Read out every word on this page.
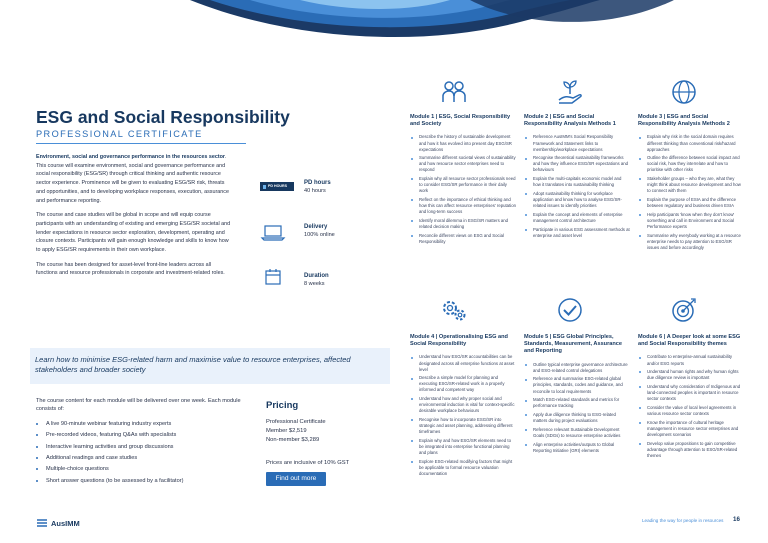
ESG and Social Responsibility
PROFESSIONAL CERTIFICATE

Environment, social and governance performance in the resources sector. This course will examine environment, social and governance performance and social responsibility (ESG/SR) through critical thinking and authentic resource sector experience. Prominence will be given to evaluating ESG/SR risk, threats and opportunities, and to developing workplace responses, execution, assurance and performance reporting.

The course and case studies will be global in scope and will equip course participants with an understanding of existing and emerging ESG/SR societal and lender expectations in resource sector exploration, development, operating and closure contexts. Participants will gain enough knowledge and skills to know how to apply ESG/SR requirements in their own workplace.

The course has been designed for asset-level front-line leaders across all functions and resource professionals in corporate and investment-related roles.

PD HOURS	PD hours
40 hours
Delivery
100% online
Duration
8 weeks
Learn how to minimise ESG-related harm and maximise value to resource enterprises, affected stakeholders and broader society
The course content for each module will be delivered over one week. Each module consists of:
A live 90-minute webinar featuring industry experts
Pre-recorded videos, featuring Q&As with specialists
Interactive learning activities and group discussions
Additional readings and case studies
Multiple-choice questions
Short answer questions (to be assessed by a facilitator)
Pricing
Professional Certificate
Member $2,519
Non-member $3,289
Prices are inclusive of 10% GST
Find out more
Module 1 | ESG, Social Responsibility and Society
Describe the history of sustainable development and how it has evolved into present day ESG/SR expectations
Summarise different societal views of sustainability and how resource sector enterprises need to respond
Explain why all resource sector professionals need to consider ESG/SR performance in their daily work
Reflect on the importance of ethical thinking and how this can affect resource enterprises' reputation and long-term success
Identify moral dilemma in ESG/SR matters and related decision making
Reconcile different views on ESG and Social Responsibility
Module 2 | ESG and Social Responsibility Analysis Methods 1
Reference AusIMM's Social Responsibility Framework and Statement links to membership/workplace expectations
Recognise theoretical sustainability frameworks and how they influence ESG/SR expectations and behaviours
Explain the multi-capitals economic model and how it translates into sustainability thinking
Adopt sustainability thinking for workplace application and know how to analyse ESG/SR-related issues to identify priorities
Explain the concept and elements of enterprise management control architecture
Participate in various ESG assessment methods at enterprise and asset level
Module 3 | ESG and Social Responsibility Analysis Methods 2
Explain why risk in the social domain requires different thinking than conventional risk/hazard approaches
Outline the difference between social impact and social risk, how they interrelate and how to prioritise with other risks
Stakeholder groups – who they are, what they might think about resource development and how to connect with them
Explain the purpose of ESIA and the difference between regulatory and business driven ESIA
Help participants 'know when they don't know' something and call in Environment and Social Performance experts
Summarise why everybody working at a resource enterprise needs to pay attention to ESG/SR issues and before accordingly
Module 4 | Operationalising ESG and Social Responsibility
Understand how ESG/SR accountabilities can be designated across all enterprise functions at asset level
Describe a simple model for planning and executing ESG/SR-related work in a properly informed and competent way
Understand how and why proper social and environmental induction is vital for context-specific desirable workplace behaviours
Recognise how to incorporate ESG/SR into strategic and asset planning, addressing different timeframes
Explain why and how ESG/SR elements need to be integrated into enterprise functional planning and plans
Explore ESG-related modifying factors that might be applicable to formal resource valuation documentation
Module 5 | ESG Global Principles, Standards, Measurement, Assurance and Reporting
Outline typical enterprise governance architecture and ESG-related control delegations
Reference and summarise ESG-related global principles, standards, codes and guidance, and reconcile to local requirements
Match ESG-related standards and metrics for performance tracking
Apply due diligence thinking to ESG-related matters during project evaluations
Reference relevant Sustainable Development Goals (SDGs) to resource enterprise activities
Align enterprise activities/outputs to Global Reporting Initiative (GRI) elements
Module 6 | A Deeper look at some ESG and Social Responsibility themes
Contribute to enterprise-annual sustainability and/or ESG reports
Understand human rights and why human rights due diligence review is important
Understand why consideration of Indigenous and land-connected peoples is important in resource sector contexts
Consider the value of local level agreements in various resource sector contexts
Know the importance of cultural heritage management in resource sector enterprises and development scenarios
Develop value propositions to gain competitive advantage through attention to ESG/SR-related themes
AusIMM	Leading the way for people in resources 16
